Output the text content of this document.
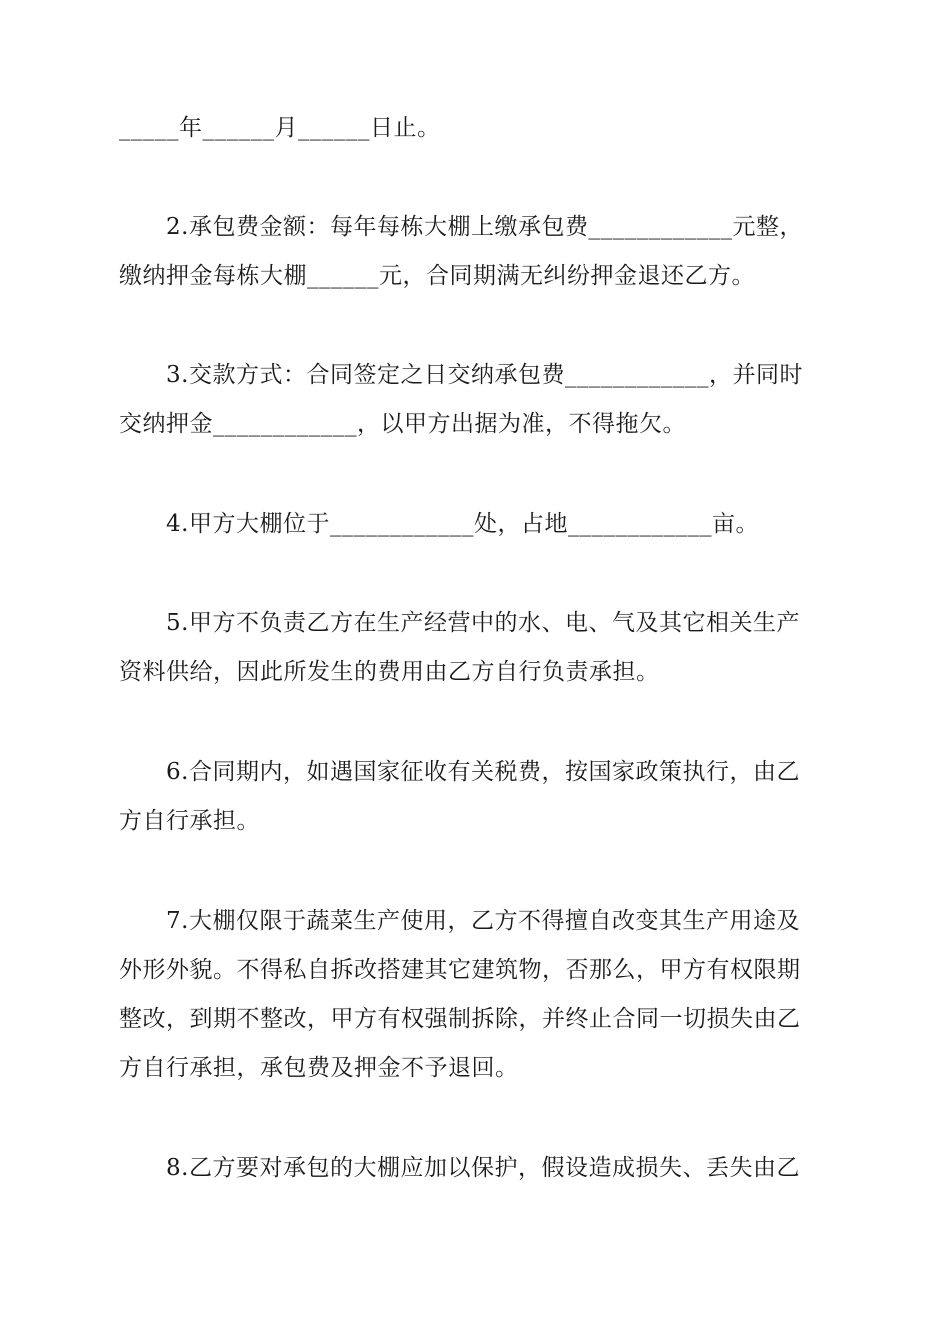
_____年______月______日止。

2.承包费金额：每年每栋大棚上缴承包费____________元整，
缴纳押金每栋大棚______元，合同期满无纠纷押金退还乙方。

3.交款方式：合同签定之日交纳承包费____________，并同时
交纳押金____________，以甲方出据为准，不得拖欠。

4.甲方大棚位于____________处，占地____________亩。

5.甲方不负责乙方在生产经营中的水、电、气及其它相关生产
资料供给，因此所发生的费用由乙方自行负责承担。

6.合同期内，如遇国家征收有关税费，按国家政策执行，由乙
方自行承担。

7.大棚仅限于蔬菜生产使用，乙方不得擅自改变其生产用途及
外形外貌。不得私自拆改搭建其它建筑物，否那么，甲方有权限期
整改，到期不整改，甲方有权强制拆除，并终止合同一切损失由乙
方自行承担，承包费及押金不予退回。

8.乙方要对承包的大棚应加以保护，假设造成损失、丢失由乙
